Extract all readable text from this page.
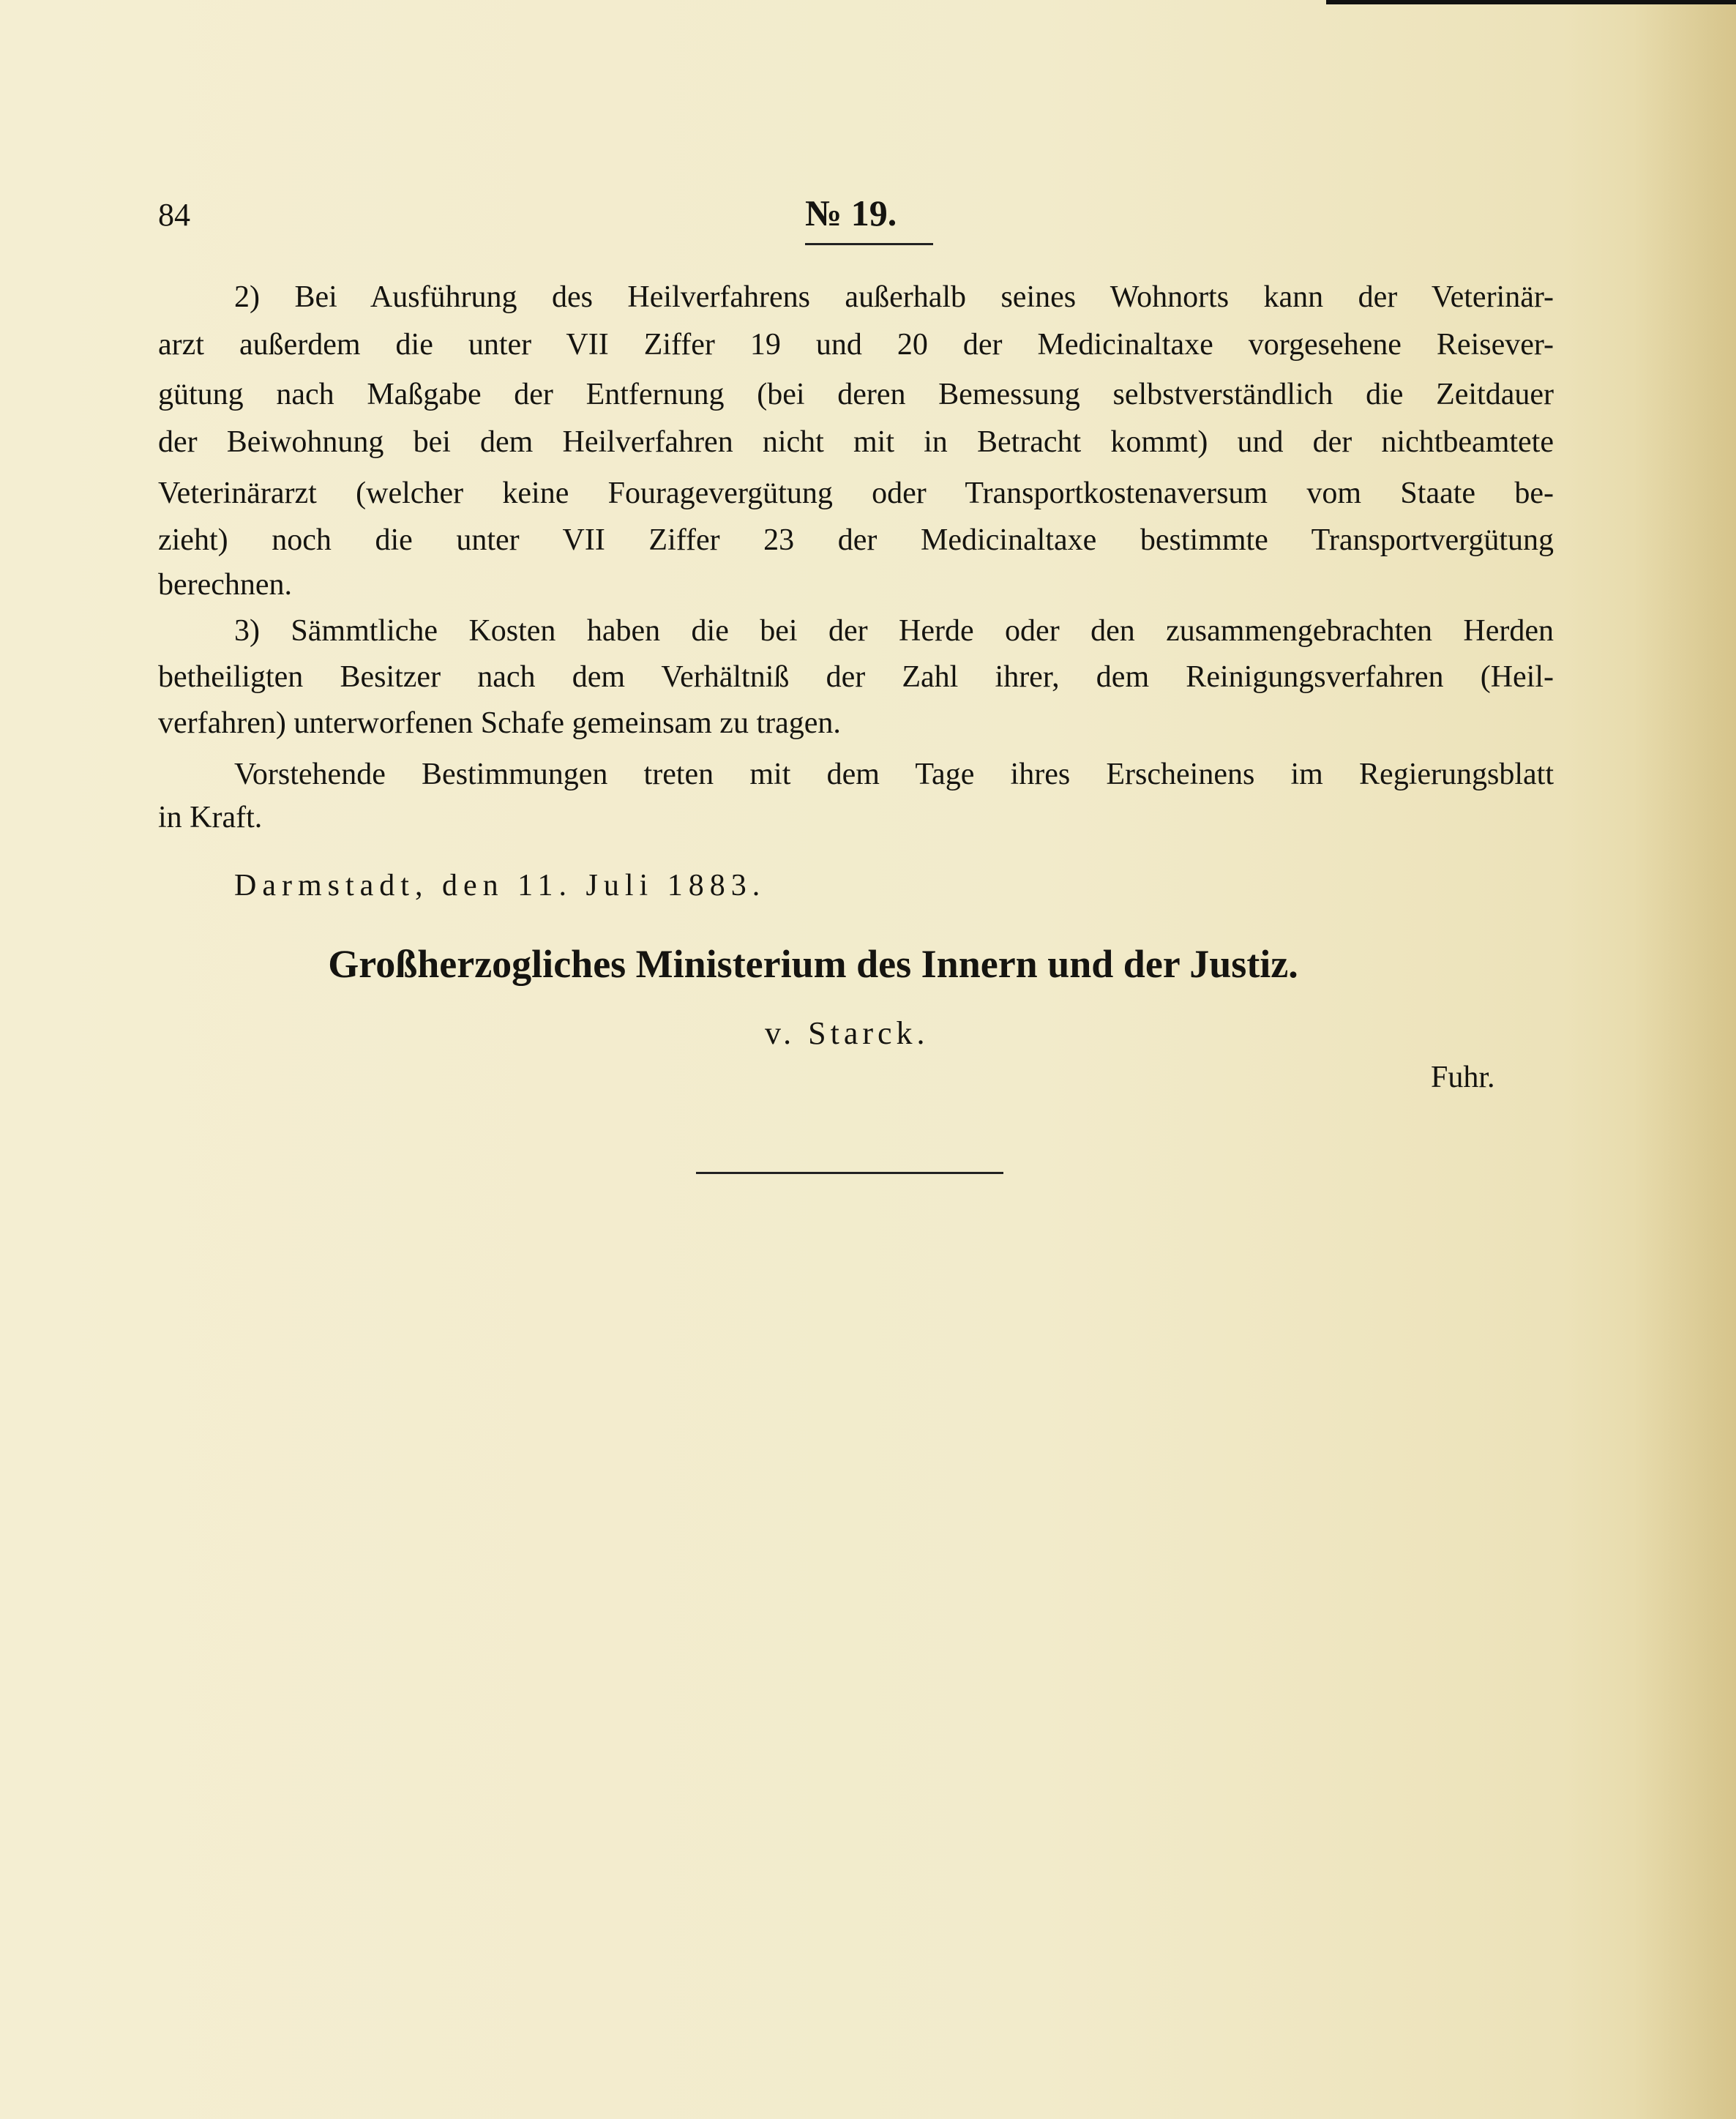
84	№ 19.
2) Bei Ausführung des Heilverfahrens außerhalb seines Wohnorts kann der Veterinär-
arzt außerdem die unter VII Ziffer 19 und 20 der Medicinaltaxe vorgesehene Reisever-
gütung nach Maßgabe der Entfernung (bei deren Bemessung selbstverständlich die Zeitdauer
der Beiwohnung bei dem Heilverfahren nicht mit in Betracht kommt) und der nichtbeamtete
Veterinärarzt (welcher keine Fouragevergütung oder Transportkostenaversum vom Staate be-
zieht) noch die unter VII Ziffer 23 der Medicinaltaxe bestimmte Transportvergütung
berechnen.
3) Sämmtliche Kosten haben die bei der Herde oder den zusammengebrachten Herden
betheiligten Besitzer nach dem Verhältniß der Zahl ihrer, dem Reinigungsverfahren (Heil-
verfahren) unterworfenen Schafe gemeinsam zu tragen.
Vorstehende Bestimmungen treten mit dem Tage ihres Erscheinens im Regierungsblatt
in Kraft.
Darmstadt, den 11. Juli 1883.
Großherzogliches Ministerium des Innern und der Justiz.
v. Starck.
Fuhr.
